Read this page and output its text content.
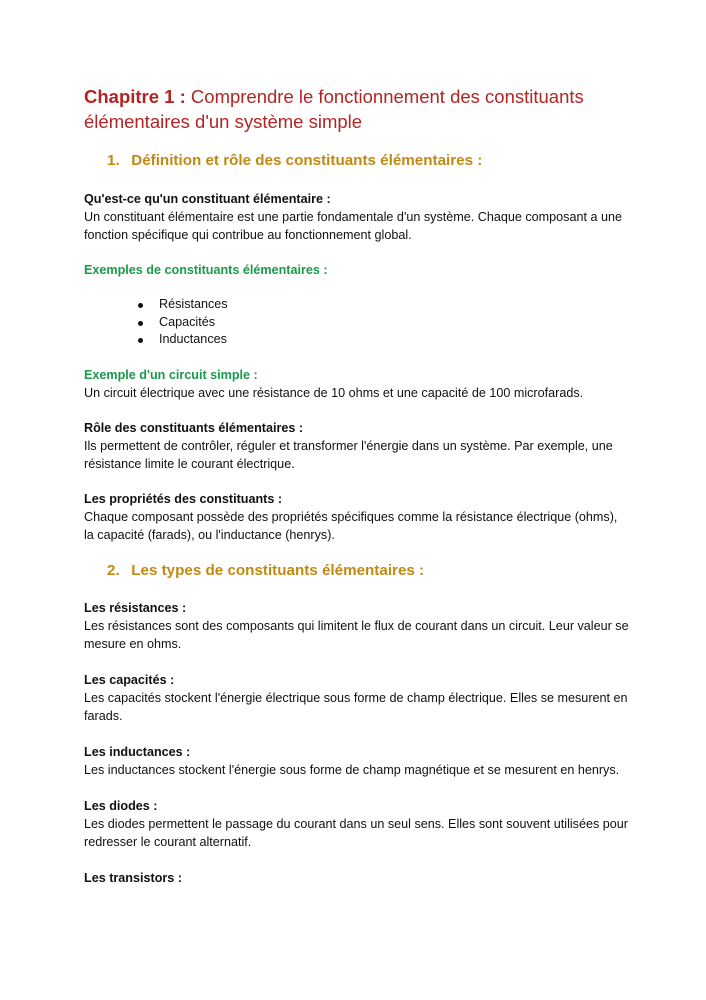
Chapitre 1 : Comprendre le fonctionnement des constituants élémentaires d'un système simple
1. Définition et rôle des constituants élémentaires :
Qu'est-ce qu'un constituant élémentaire :

Un constituant élémentaire est une partie fondamentale d'un système. Chaque composant a une fonction spécifique qui contribue au fonctionnement global.

Exemples de constituants élémentaires :
Résistances
Capacités
Inductances
Exemple d'un circuit simple :

Un circuit électrique avec une résistance de 10 ohms et une capacité de 100 microfarads.

Rôle des constituants élémentaires :

Ils permettent de contrôler, réguler et transformer l'énergie dans un système. Par exemple, une résistance limite le courant électrique.

Les propriétés des constituants :

Chaque composant possède des propriétés spécifiques comme la résistance électrique (ohms), la capacité (farads), ou l'inductance (henrys).

2. Les types de constituants élémentaires :
Les résistances :

Les résistances sont des composants qui limitent le flux de courant dans un circuit. Leur valeur se mesure en ohms.

Les capacités :

Les capacités stockent l'énergie électrique sous forme de champ électrique. Elles se mesurent en farads.

Les inductances :

Les inductances stockent l'énergie sous forme de champ magnétique et se mesurent en henrys.

Les diodes :

Les diodes permettent le passage du courant dans un seul sens. Elles sont souvent utilisées pour redresser le courant alternatif.

Les transistors :
